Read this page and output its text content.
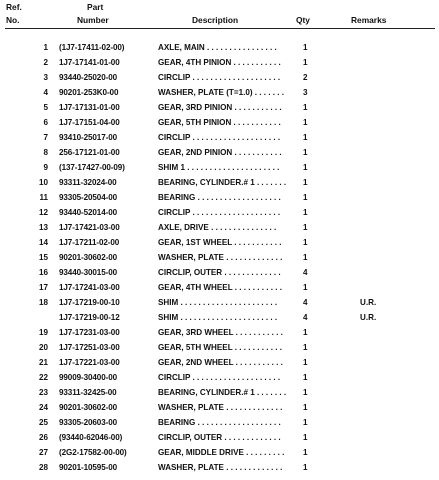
Ref.
No.
Part
Number	Description	Qty	Remarks
1 (1J7-17411-02-00)	AXLE, MAIN . . . . . . . . . . . . . . . .	1
2 1J7-17141-01-00	GEAR, 4TH PINION . . . . . . . . . . .	1
3 93440-25020-00	CIRCLIP . . . . . . . . . . . . . . . . . . . .	2
4 90201-253K0-00	WASHER, PLATE (T=1.0) . . . . . . . 3
5 1J7-17131-01-00	GEAR, 3RD PINION . . . . . . . . . . .	1
6 1J7-17151-04-00	GEAR, 5TH PINION . . . . . . . . . . .	1
7 93410-25017-00	CIRCLIP . . . . . . . . . . . . . . . . . . . .	1
8 256-17121-01-00	GEAR, 2ND PINION . . . . . . . . . . .	1
9 (137-17427-00-09)	SHIM 1 . . . . . . . . . . . . . . . . . . . . .	1
10 93311-32024-00	BEARING, CYLINDER.# 1 . . . . . . . 1
11 93305-20504-00	BEARING . . . . . . . . . . . . . . . . . . .	1
12 93440-52014-00	CIRCLIP . . . . . . . . . . . . . . . . . . . .	1
13 1J7-17421-03-00	AXLE, DRIVE . . . . . . . . . . . . . . .	1
14 1J7-17211-02-00	GEAR, 1ST WHEEL . . . . . . . . . . .	1
15 90201-30602-00	WASHER, PLATE . . . . . . . . . . . . .	1
16 93440-30015-00	CIRCLIP, OUTER . . . . . . . . . . . . .	4
17 1J7-17241-03-00	GEAR, 4TH WHEEL . . . . . . . . . . .	1
18 1J7-17219-00-10	SHIM . . . . . . . . . . . . . . . . . . . . . .	4	U.R.
1J7-17219-00-12	SHIM . . . . . . . . . . . . . . . . . . . . . .	4	U.R.
19 1J7-17231-03-00	GEAR, 3RD WHEEL . . . . . . . . . . . 1
20 1J7-17251-03-00	GEAR, 5TH WHEEL . . . . . . . . . . .	1
21 1J7-17221-03-00	GEAR, 2ND WHEEL . . . . . . . . . . . 1
22 99009-30400-00	CIRCLIP . . . . . . . . . . . . . . . . . . . .	1
23 93311-32425-00	BEARING, CYLINDER.# 1 . . . . . . . 1
24 90201-30602-00	WASHER, PLATE . . . . . . . . . . . . .	1
25 93305-20603-00	BEARING . . . . . . . . . . . . . . . . . . .	1
26 (93440-62046-00)	CIRCLIP, OUTER . . . . . . . . . . . . .	1
27 (2G2-17582-00-00)	GEAR, MIDDLE DRIVE . . . . . . . . . 1
28 90201-10595-00	WASHER, PLATE . . . . . . . . . . . . .	1
